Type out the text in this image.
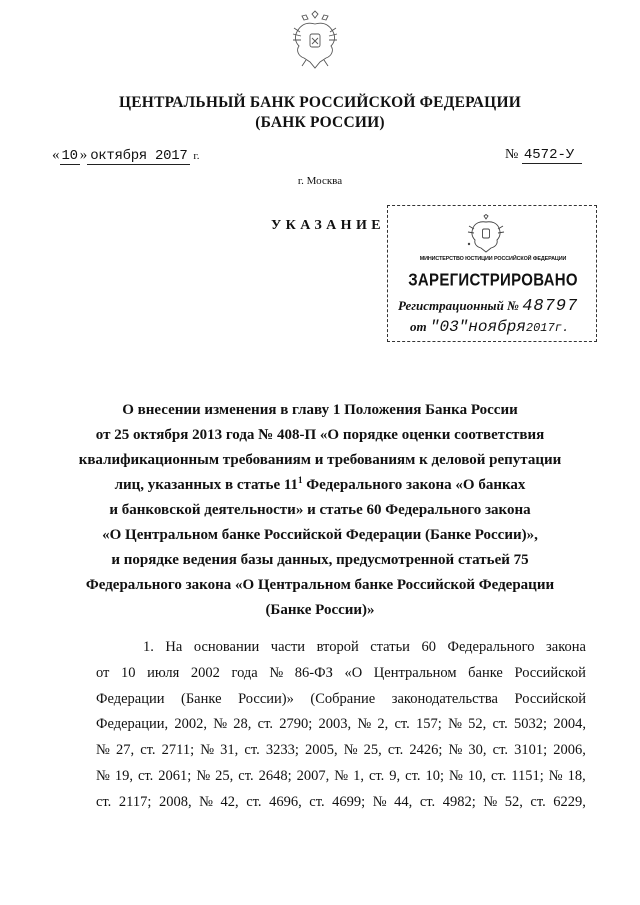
ЦЕНТРАЛЬНЫЙ БАНК РОССИЙСКОЙ ФЕДЕРАЦИИ
(БАНК РОССИИ)
« 10 » октября 2017 г.	№ 4572-У
г. Москва
УКАЗАНИЕ
МИНИСТЕРСТВО ЮСТИЦИИ РОССИЙСКОЙ ФЕДЕРАЦИИ
ЗАРЕГИСТРИРОВАНО
Регистрационный № 48797
от "03"ноября2017г.
О внесении изменения в главу 1 Положения Банка России
от 25 октября 2013 года № 408-П «О порядке оценки соответствия
квалификационным требованиям и требованиям к деловой репутации
лиц, указанных в статье $11^1$ Федерального закона «О банках
и банковской деятельности» и статье 60 Федерального закона
«О Центральном банке Российской Федерации (Банке России)»,
и порядке ведения базы данных, предусмотренной статьей 75
Федерального закона «О Центральном банке Российской Федерации
(Банке России)»
1. На основании части второй статьи 60 Федерального закона
от 10 июля 2002 года № 86-ФЗ «О Центральном банке Российской
Федерации (Банке России)» (Собрание законодательства Российской
Федерации, 2002, № 28, ст. 2790; 2003, № 2, ст. 157; № 52, ст. 5032; 2004,
№ 27, ст. 2711; № 31, ст. 3233; 2005, № 25, ст. 2426; № 30, ст. 3101; 2006,
№ 19, ст. 2061; № 25, ст. 2648; 2007, № 1, ст. 9, ст. 10; № 10, ст. 1151; № 18,
ст. 2117; 2008, № 42, ст. 4696, ст. 4699; № 44, ст. 4982; № 52, ст. 6229,
